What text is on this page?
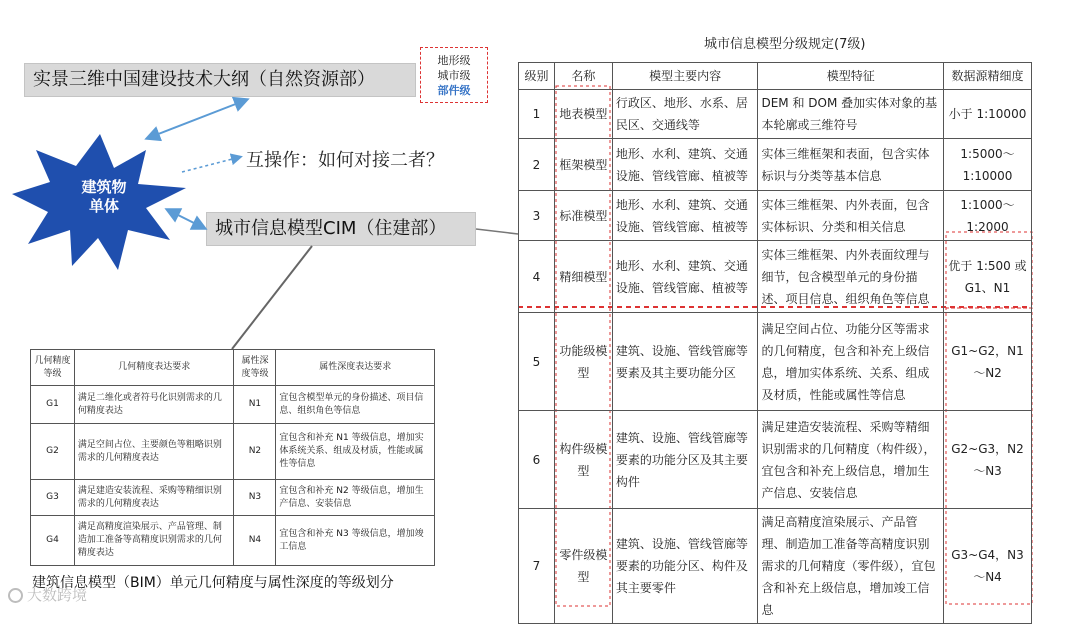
实景三维中国建设技术大纲（自然资源部）
地形级
城市级
部件级
建筑物
单体
互操作：如何对接二者？
城市信息模型CIM（住建部）
城市信息模型分级规定(7级)
级别	名称	模型主要内容	模型特征	数据源精细度
1	地表模型	行政区、地形、水系、居民区、交通线等	DEM 和 DOM 叠加实体对象的基本轮廓或三维符号	小于 1:10000
2	框架模型	地形、水利、建筑、交通设施、管线管廊、植被等	实体三维框架和表面，包含实体标识与分类等基本信息	1:5000～1:10000
3	标准模型	地形、水利、建筑、交通设施、管线管廊、植被等	实体三维框架、内外表面，包含实体标识、分类和相关信息	1:1000～1:2000
4	精细模型	地形、水利、建筑、交通设施、管线管廊、植被等	实体三维框架、内外表面纹理与细节，包含模型单元的身份描述、项目信息、组织角色等信息	优于 1:500 或 G1、N1
5	功能级模型	建筑、设施、管线管廊等要素及其主要功能分区	满足空间占位、功能分区等需求的几何精度，包含和补充上级信息，增加实体系统、关系、组成及材质，性能或属性等信息	G1~G2，N1～N2
6	构件级模型	建筑、设施、管线管廊等要素的功能分区及其主要构件	满足建造安装流程、采购等精细识别需求的几何精度（构件级），宜包含和补充上级信息，增加生产信息、安装信息	G2~G3，N2～N3
7	零件级模型	建筑、设施、管线管廊等要素的功能分区、构件及其主要零件	满足高精度渲染展示、产品管理、制造加工准备等高精度识别需求的几何精度（零件级），宜包含和补充上级信息，增加竣工信息	G3~G4，N3～N4
几何精度等级	几何精度表达要求	属性深度等级	属性深度表达要求
G1	满足二维化或者符号化识别需求的几何精度表达	N1	宜包含模型单元的身份描述、项目信息、组织角色等信息
G2	满足空间占位、主要颜色等粗略识别需求的几何精度表达	N2	宜包含和补充 N1 等级信息，增加实体系统关系、组成及材质，性能或属性等信息
G3	满足建造安装流程、采购等精细识别需求的几何精度表达	N3	宜包含和补充 N2 等级信息，增加生产信息、安装信息
G4	满足高精度渲染展示、产品管理、制造加工准备等高精度识别需求的几何精度表达	N4	宜包含和补充 N3 等级信息，增加竣工信息
建筑信息模型（BIM）单元几何精度与属性深度的等级划分
大数跨境
